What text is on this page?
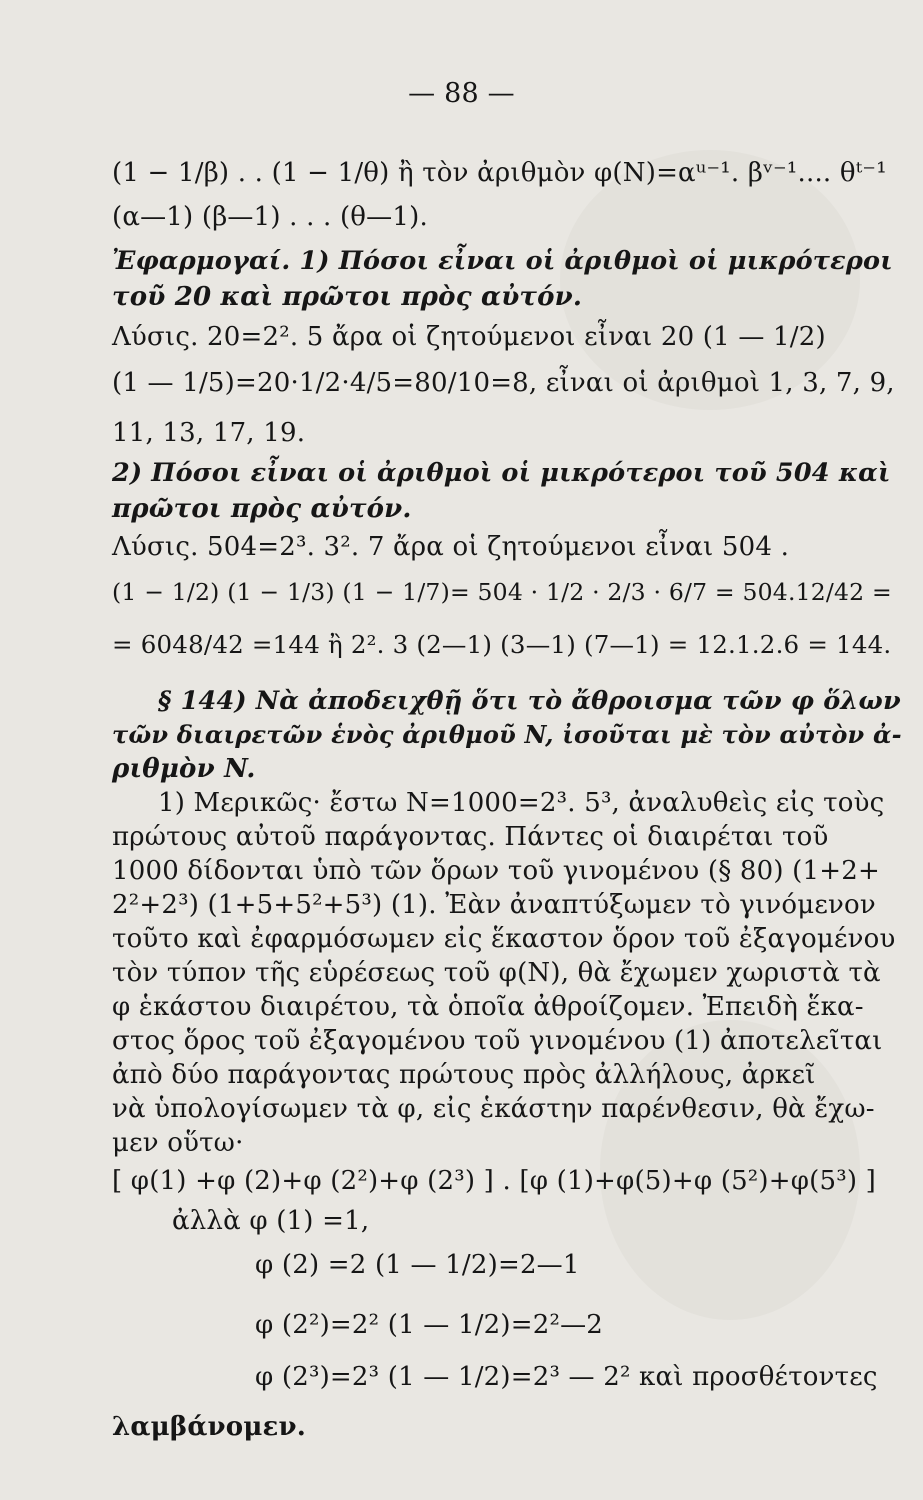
— 88 —
(1 − 1/β) . . (1 − 1/θ) ἢ τὸν ἀριθμὸν φ(N)=αᵘ⁻¹. βᵛ⁻¹.... θᵗ⁻¹
(α—1) (β—1) . . . (θ—1).
Ἐφαρμογαί. 1) Πόσοι εἶναι οἱ ἀριθμοὶ οἱ μικρότεροι
τοῦ 20 καὶ πρῶτοι πρὸς αὐτόν.
Λύσις. 20=2². 5 ἄρα οἱ ζητούμενοι εἶναι 20 (1 — 1/2)
(1 — 1/5)=20·1/2·4/5=80/10=8, εἶναι οἱ ἀριθμοὶ 1, 3, 7, 9,
11, 13, 17, 19.
2) Πόσοι εἶναι οἱ ἀριθμοὶ οἱ μικρότεροι τοῦ 504 καὶ
πρῶτοι πρὸς αὐτόν.
Λύσις. 504=2³. 3². 7 ἄρα οἱ ζητούμενοι εἶναι 504 .
(1 − 1/2) (1 − 1/3) (1 − 1/7)= 504 · 1/2 · 2/3 · 6/7 = 504.12/42 =
= 6048/42 =144 ἢ 2². 3 (2—1) (3—1) (7—1) = 12.1.2.6 = 144.
§ 144) Νὰ ἀποδειχθῇ ὅτι τὸ ἄθροισμα τῶν φ ὅλων
τῶν διαιρετῶν ἑνὸς ἀριθμοῦ N, ἰσοῦται μὲ τὸν αὐτὸν ἀ-
ριθμὸν N.
1) Μερικῶς· ἔστω N=1000=2³. 5³, ἀναλυθεὶς εἰς τοὺς
πρώτους αὐτοῦ παράγοντας. Πάντες οἱ διαιρέται τοῦ
1000 δίδονται ὑπὸ τῶν ὅρων τοῦ γινομένου (§ 80) (1+2+
2²+2³) (1+5+5²+5³) (1). Ἐὰν ἀναπτύξωμεν τὸ γινόμενον
τοῦτο καὶ ἐφαρμόσωμεν εἰς ἕκαστον ὅρον τοῦ ἐξαγομένου
τὸν τύπον τῆς εὑρέσεως τοῦ φ(N), θὰ ἔχωμεν χωριστὰ τὰ
φ ἑκάστου διαιρέτου, τὰ ὁποῖα ἀθροίζομεν. Ἐπειδὴ ἕκα-
στος ὅρος τοῦ ἐξαγομένου τοῦ γινομένου (1) ἀποτελεῖται
ἀπὸ δύο παράγοντας πρώτους πρὸς ἀλλήλους, ἀρκεῖ
νὰ ὑπολογίσωμεν τὰ φ, εἰς ἑκάστην παρένθεσιν, θὰ ἔχω-
μεν οὕτω·
[ φ(1) +φ (2)+φ (2²)+φ (2³) ] . [φ (1)+φ(5)+φ (5²)+φ(5³) ]
ἀλλὰ φ (1) =1,
φ (2) =2 (1 — 1/2)=2—1
φ (2²)=2² (1 — 1/2)=2²—2
φ (2³)=2³ (1 — 1/2)=2³ — 2² καὶ προσθέτοντες
λαμβάνομεν.
